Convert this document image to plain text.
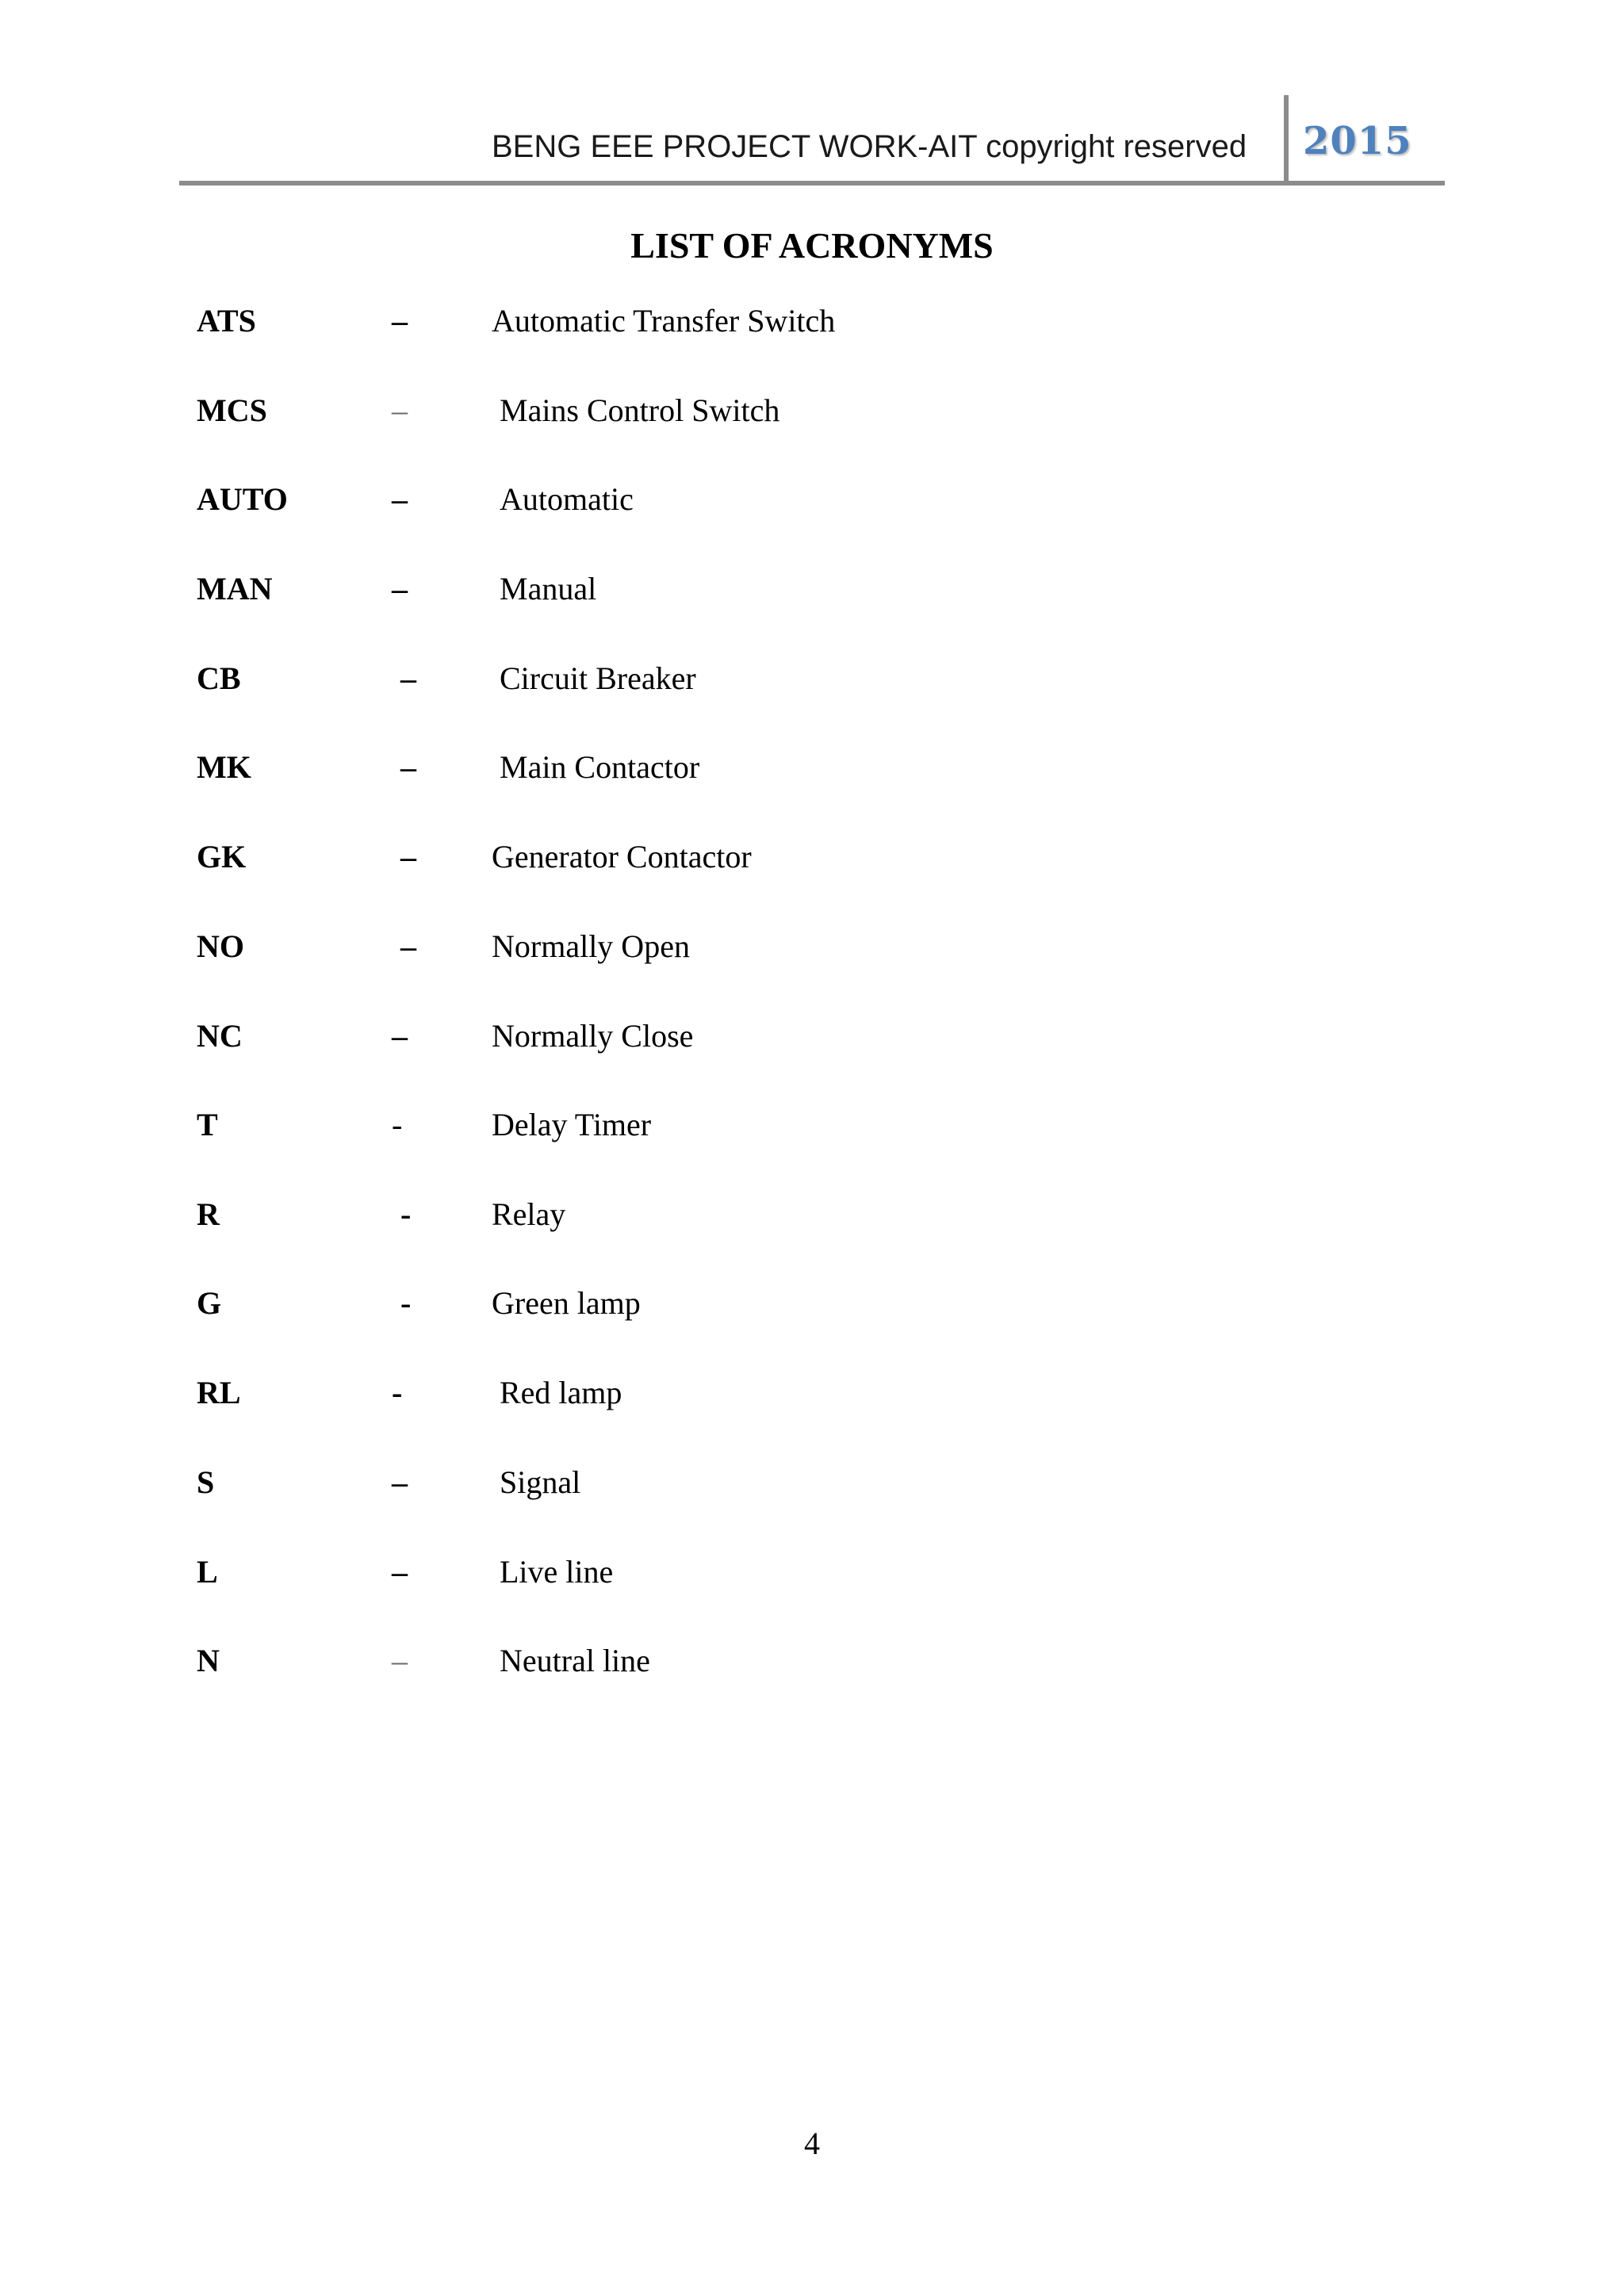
BENG EEE PROJECT WORK-AIT copyright reserved 2015
LIST OF ACRONYMS
ATS	–	Automatic Transfer Switch
MCS	–	Mains Control Switch
AUTO	–	Automatic
MAN	–	Manual
CB	–	Circuit Breaker
MK	–	Main Contactor
GK	– Generator Contactor
NO	– Normally Open
NC	–	Normally Close
T	-	Delay Timer
R	-	Relay
G	-	Green lamp
RL	-	Red lamp
S	–	Signal
L	–	Live line
N	–	Neutral line
4
